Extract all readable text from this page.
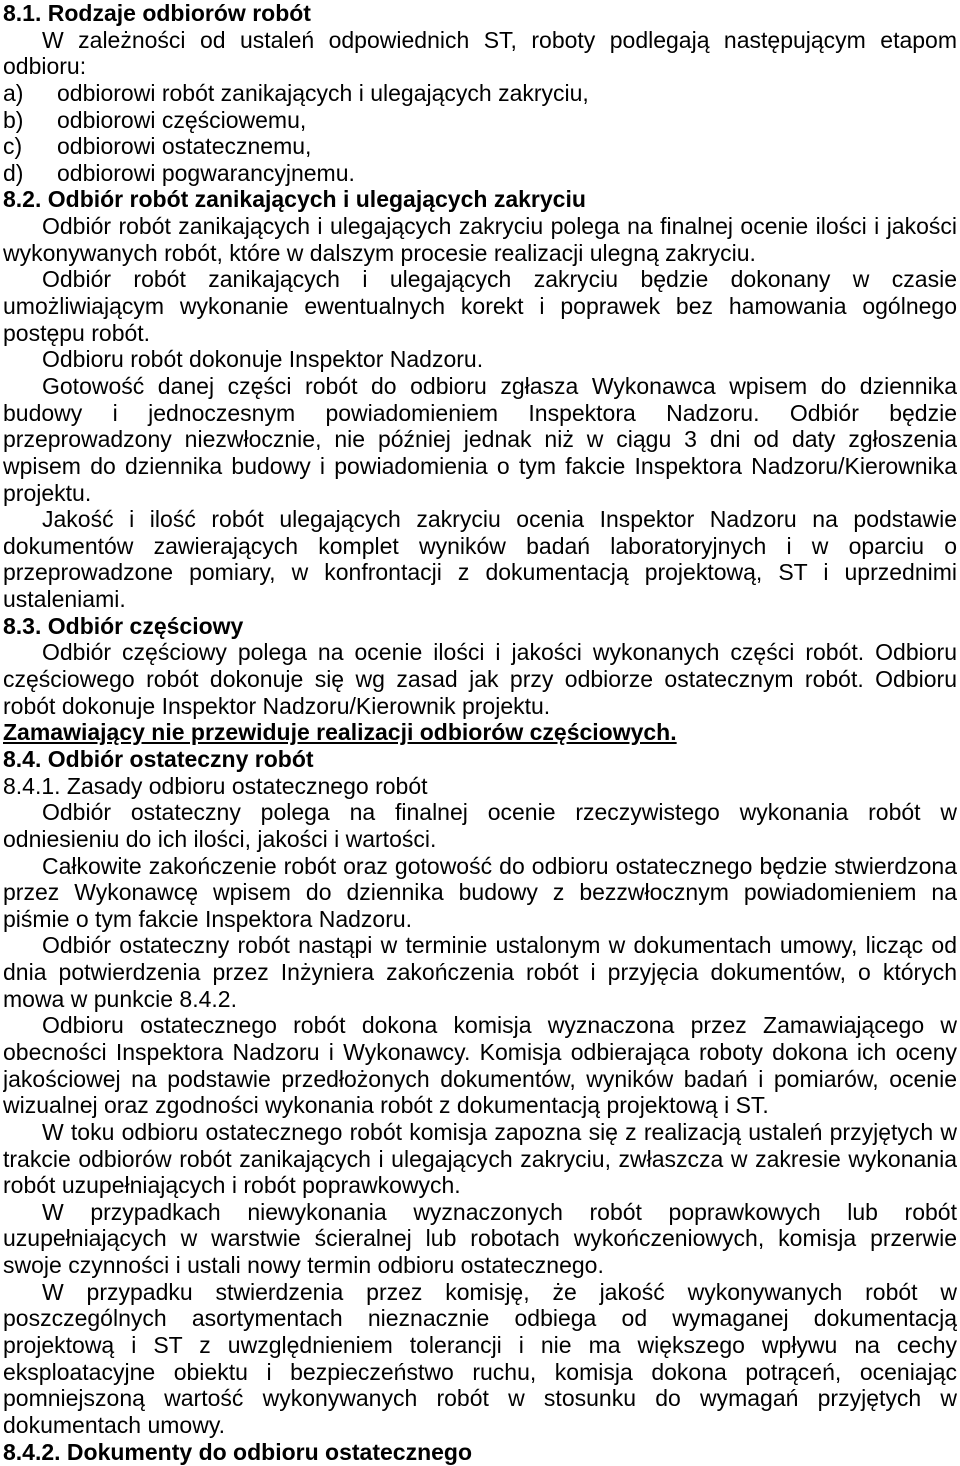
8.1. Rodzaje odbiorów robót
W zależności od ustaleń odpowiednich ST, roboty podlegają następującym etapom
odbioru:
a)	odbiorowi robót zanikających i ulegających zakryciu,
b)	odbiorowi częściowemu,
c)	odbiorowi ostatecznemu,
d)	odbiorowi pogwarancyjnemu.
8.2. Odbiór robót zanikających i ulegających zakryciu
Odbiór robót zanikających i ulegających zakryciu polega na finalnej ocenie ilości i jakości
wykonywanych robót, które w dalszym procesie realizacji ulegną zakryciu.
Odbiór robót zanikających i ulegających zakryciu będzie dokonany w czasie
umożliwiającym wykonanie ewentualnych korekt i poprawek bez hamowania ogólnego
postępu robót.
Odbioru robót dokonuje Inspektor Nadzoru.
Gotowość danej części robót do odbioru zgłasza Wykonawca wpisem do dziennika
budowy i jednoczesnym powiadomieniem Inspektora Nadzoru. Odbiór będzie
przeprowadzony niezwłocznie, nie później jednak niż w ciągu 3 dni od daty zgłoszenia
wpisem do dziennika budowy i powiadomienia o tym fakcie Inspektora Nadzoru/Kierownika
projektu.
Jakość i ilość robót ulegających zakryciu ocenia Inspektor Nadzoru na podstawie
dokumentów zawierających komplet wyników badań laboratoryjnych i w oparciu o
przeprowadzone pomiary, w konfrontacji z dokumentacją projektową, ST i uprzednimi
ustaleniami.
8.3. Odbiór częściowy
Odbiór częściowy polega na ocenie ilości i jakości wykonanych części robót. Odbioru
częściowego robót dokonuje się wg zasad jak przy odbiorze ostatecznym robót. Odbioru
robót dokonuje Inspektor Nadzoru/Kierownik projektu.
Zamawiający nie przewiduje realizacji odbiorów częściowych.
8.4. Odbiór ostateczny robót
8.4.1. Zasady odbioru ostatecznego robót
Odbiór ostateczny polega na finalnej ocenie rzeczywistego wykonania robót w
odniesieniu do ich ilości, jakości i wartości.
Całkowite zakończenie robót oraz gotowość do odbioru ostatecznego będzie stwierdzona
przez Wykonawcę wpisem do dziennika budowy z bezzwłocznym powiadomieniem na
piśmie o tym fakcie Inspektora Nadzoru.
Odbiór ostateczny robót nastąpi w terminie ustalonym w dokumentach umowy, licząc od
dnia potwierdzenia przez Inżyniera zakończenia robót i przyjęcia dokumentów, o których
mowa w punkcie 8.4.2.
Odbioru ostatecznego robót dokona komisja wyznaczona przez Zamawiającego w
obecności Inspektora Nadzoru i Wykonawcy. Komisja odbierająca roboty dokona ich oceny
jakościowej na podstawie przedłożonych dokumentów, wyników badań i pomiarów, ocenie
wizualnej oraz zgodności wykonania robót z dokumentacją projektową i ST.
W toku odbioru ostatecznego robót komisja zapozna się z realizacją ustaleń przyjętych w
trakcie odbiorów robót zanikających i ulegających zakryciu, zwłaszcza w zakresie wykonania
robót uzupełniających i robót poprawkowych.
W przypadkach niewykonania wyznaczonych robót poprawkowych lub robót
uzupełniających w warstwie ścieralnej lub robotach wykończeniowych, komisja przerwie
swoje czynności i ustali nowy termin odbioru ostatecznego.
W przypadku stwierdzenia przez komisję, że jakość wykonywanych robót w
poszczególnych asortymentach nieznacznie odbiega od wymaganej dokumentacją
projektową i ST z uwzględnieniem tolerancji i nie ma większego wpływu na cechy
eksploatacyjne obiektu i bezpieczeństwo ruchu, komisja dokona potrąceń, oceniając
pomniejszoną wartość wykonywanych robót w stosunku do wymagań przyjętych w
dokumentach umowy.
8.4.2. Dokumenty do odbioru ostatecznego
